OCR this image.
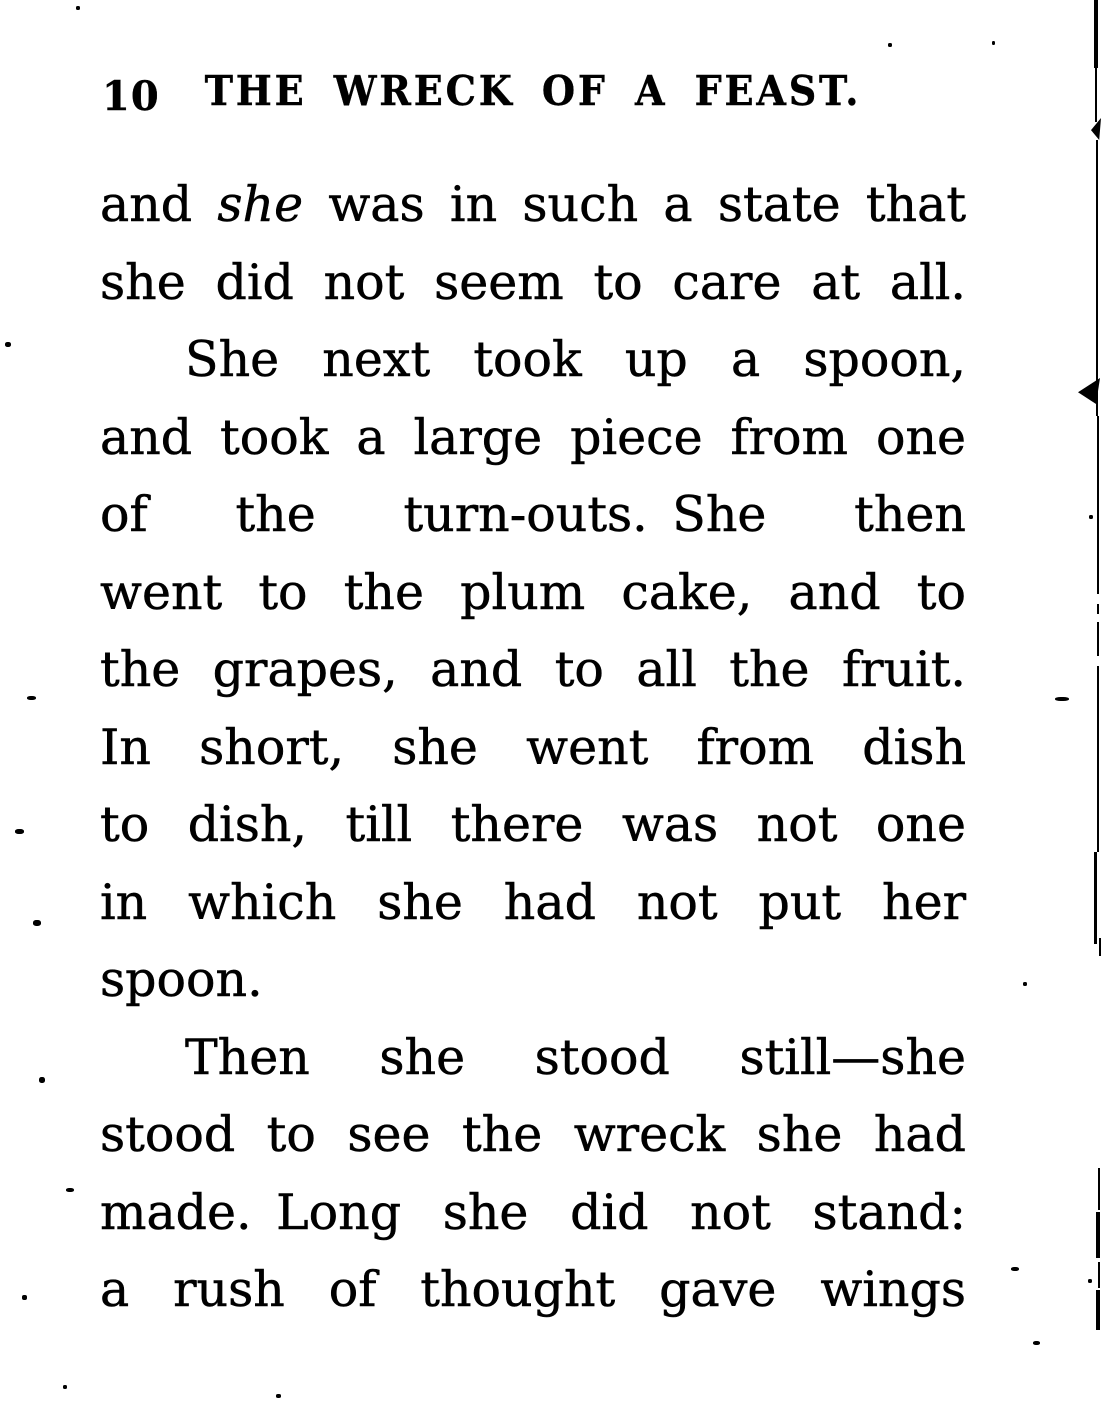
10	THE WRECK OF A FEAST.
and she was in such a state that
she did not seem to care at all.
She next took up a spoon,
and took a large piece from one
of the turn-outs. She then
went to the plum cake, and to
the grapes, and to all the fruit.
In short, she went from dish
to dish, till there was not one
in which she had not put her
spoon.
Then she stood still—she
stood to see the wreck she had
made. Long she did not stand:
a rush of thought gave wings
